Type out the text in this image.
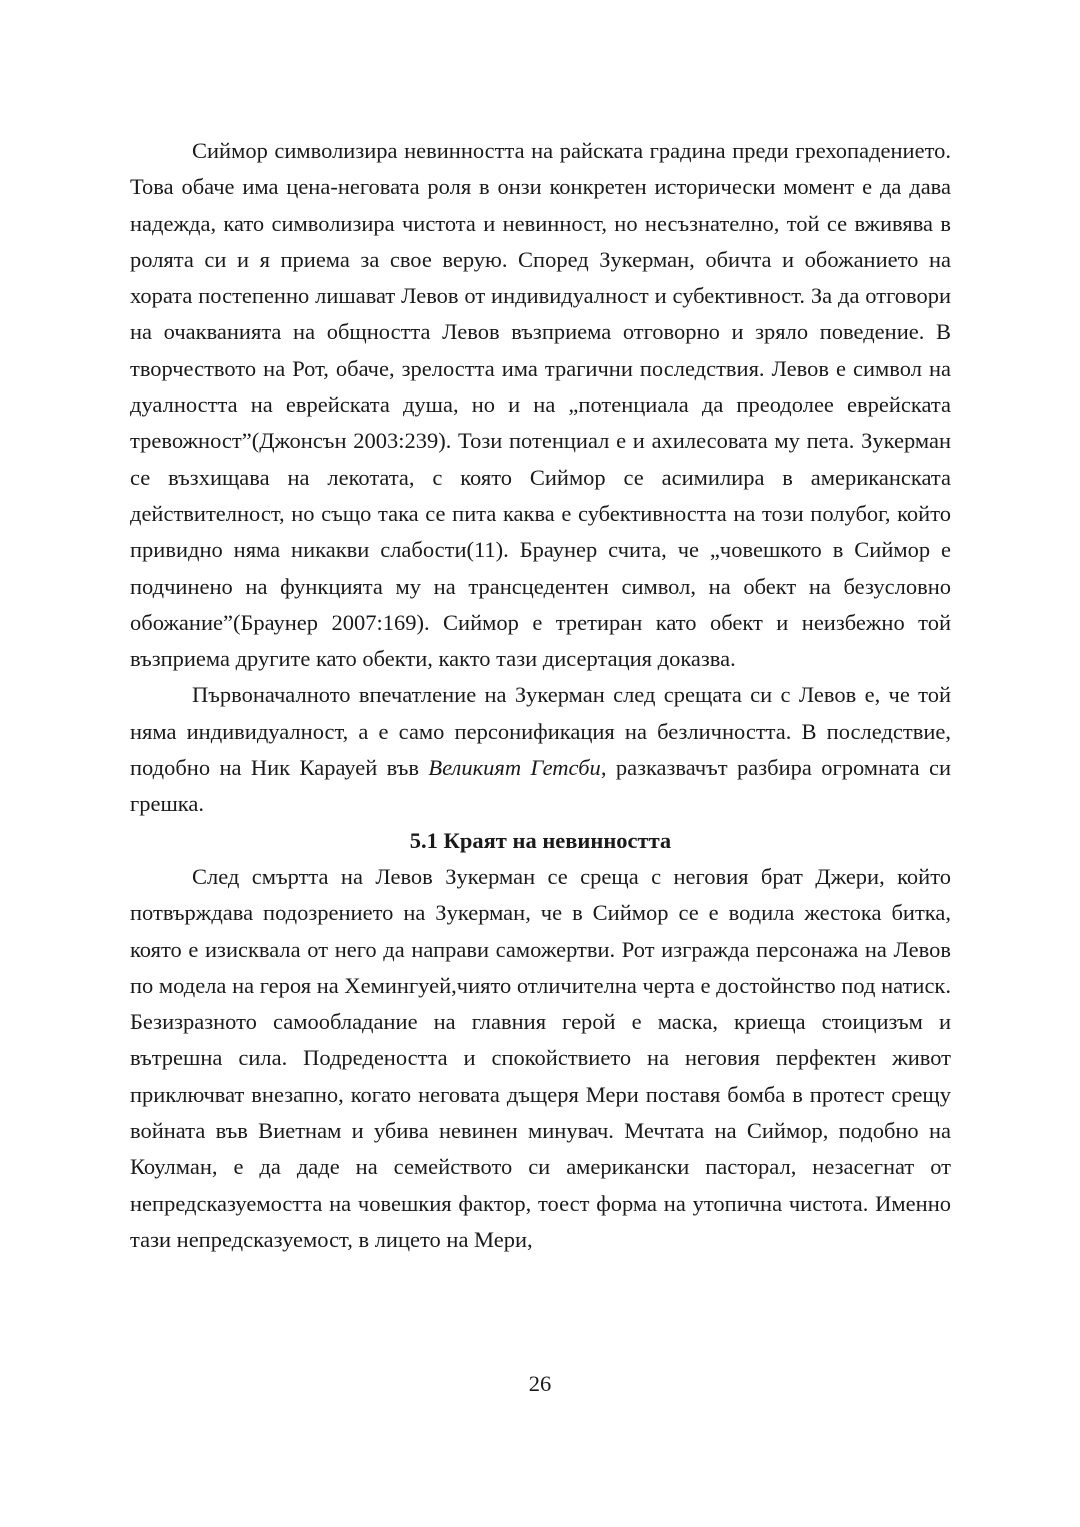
Сиймор символизира невинността на райската градина преди грехопадението. Това обаче има цена-неговата роля в онзи конкретен исторически момент е да дава надежда, като символизира чистота и невинност, но несъзнателно, той се вживява в ролята си и я приема за свое верую. Според Зукерман, обичта и обожанието на хората постепенно лишават Левов от индивидуалност и субективност. За да отговори на очакванията на общността Левов възприема отговорно и зряло поведение. В творчеството на Рот, обаче, зрелостта има трагични последствия. Левов е символ на дуалността на еврейската душа, но и на „потенциала да преодолее еврейската тревожност”(Джонсън 2003:239). Този потенциал е и ахилесовата му пета. Зукерман се възхищава на лекотата, с която Сиймор се асимилира в американската действителност, но също така се пита каква е субективността на този полубог, който привидно няма никакви слабости(11). Браунер счита, че „човешкото в Сиймор е подчинено на функцията му на трансцедентен символ, на обект на безусловно обожание”(Браунер 2007:169). Сиймор е третиран като обект и неизбежно той възприема другите като обекти, както тази дисертация доказва.

Първоначалното впечатление на Зукерман след срещата си с Левов е, че той няма индивидуалност, а е само персонификация на безличността. В последствие, подобно на Ник Карауей във Великият Гетсби, разказвачът разбира огромната си грешка.

5.1 Краят на невинността

След смъртта на Левов Зукерман се среща с неговия брат Джери, който потвърждава подозрението на Зукерман, че в Сиймор се е водила жестока битка, която е изисквала от него да направи саможертви. Рот изгражда персонажа на Левов по модела на героя на Хемингуей,чиято отличителна черта е достойнство под натиск. Безизразното самообладание на главния герой е маска, криеща стоицизъм и вътрешна сила. Подредеността и спокойствието на неговия перфектен живот приключват внезапно, когато неговата дъщеря Мери поставя бомба в протест срещу войната във Виетнам и убива невинен минувач. Мечтата на Сиймор, подобно на Коулман, е да даде на семейството си американски пасторал, незасегнат от непредсказуемостта на човешкия фактор, тоест форма на утопична чистота. Именно тази непредсказуемост, в лицето на Мери,

26
